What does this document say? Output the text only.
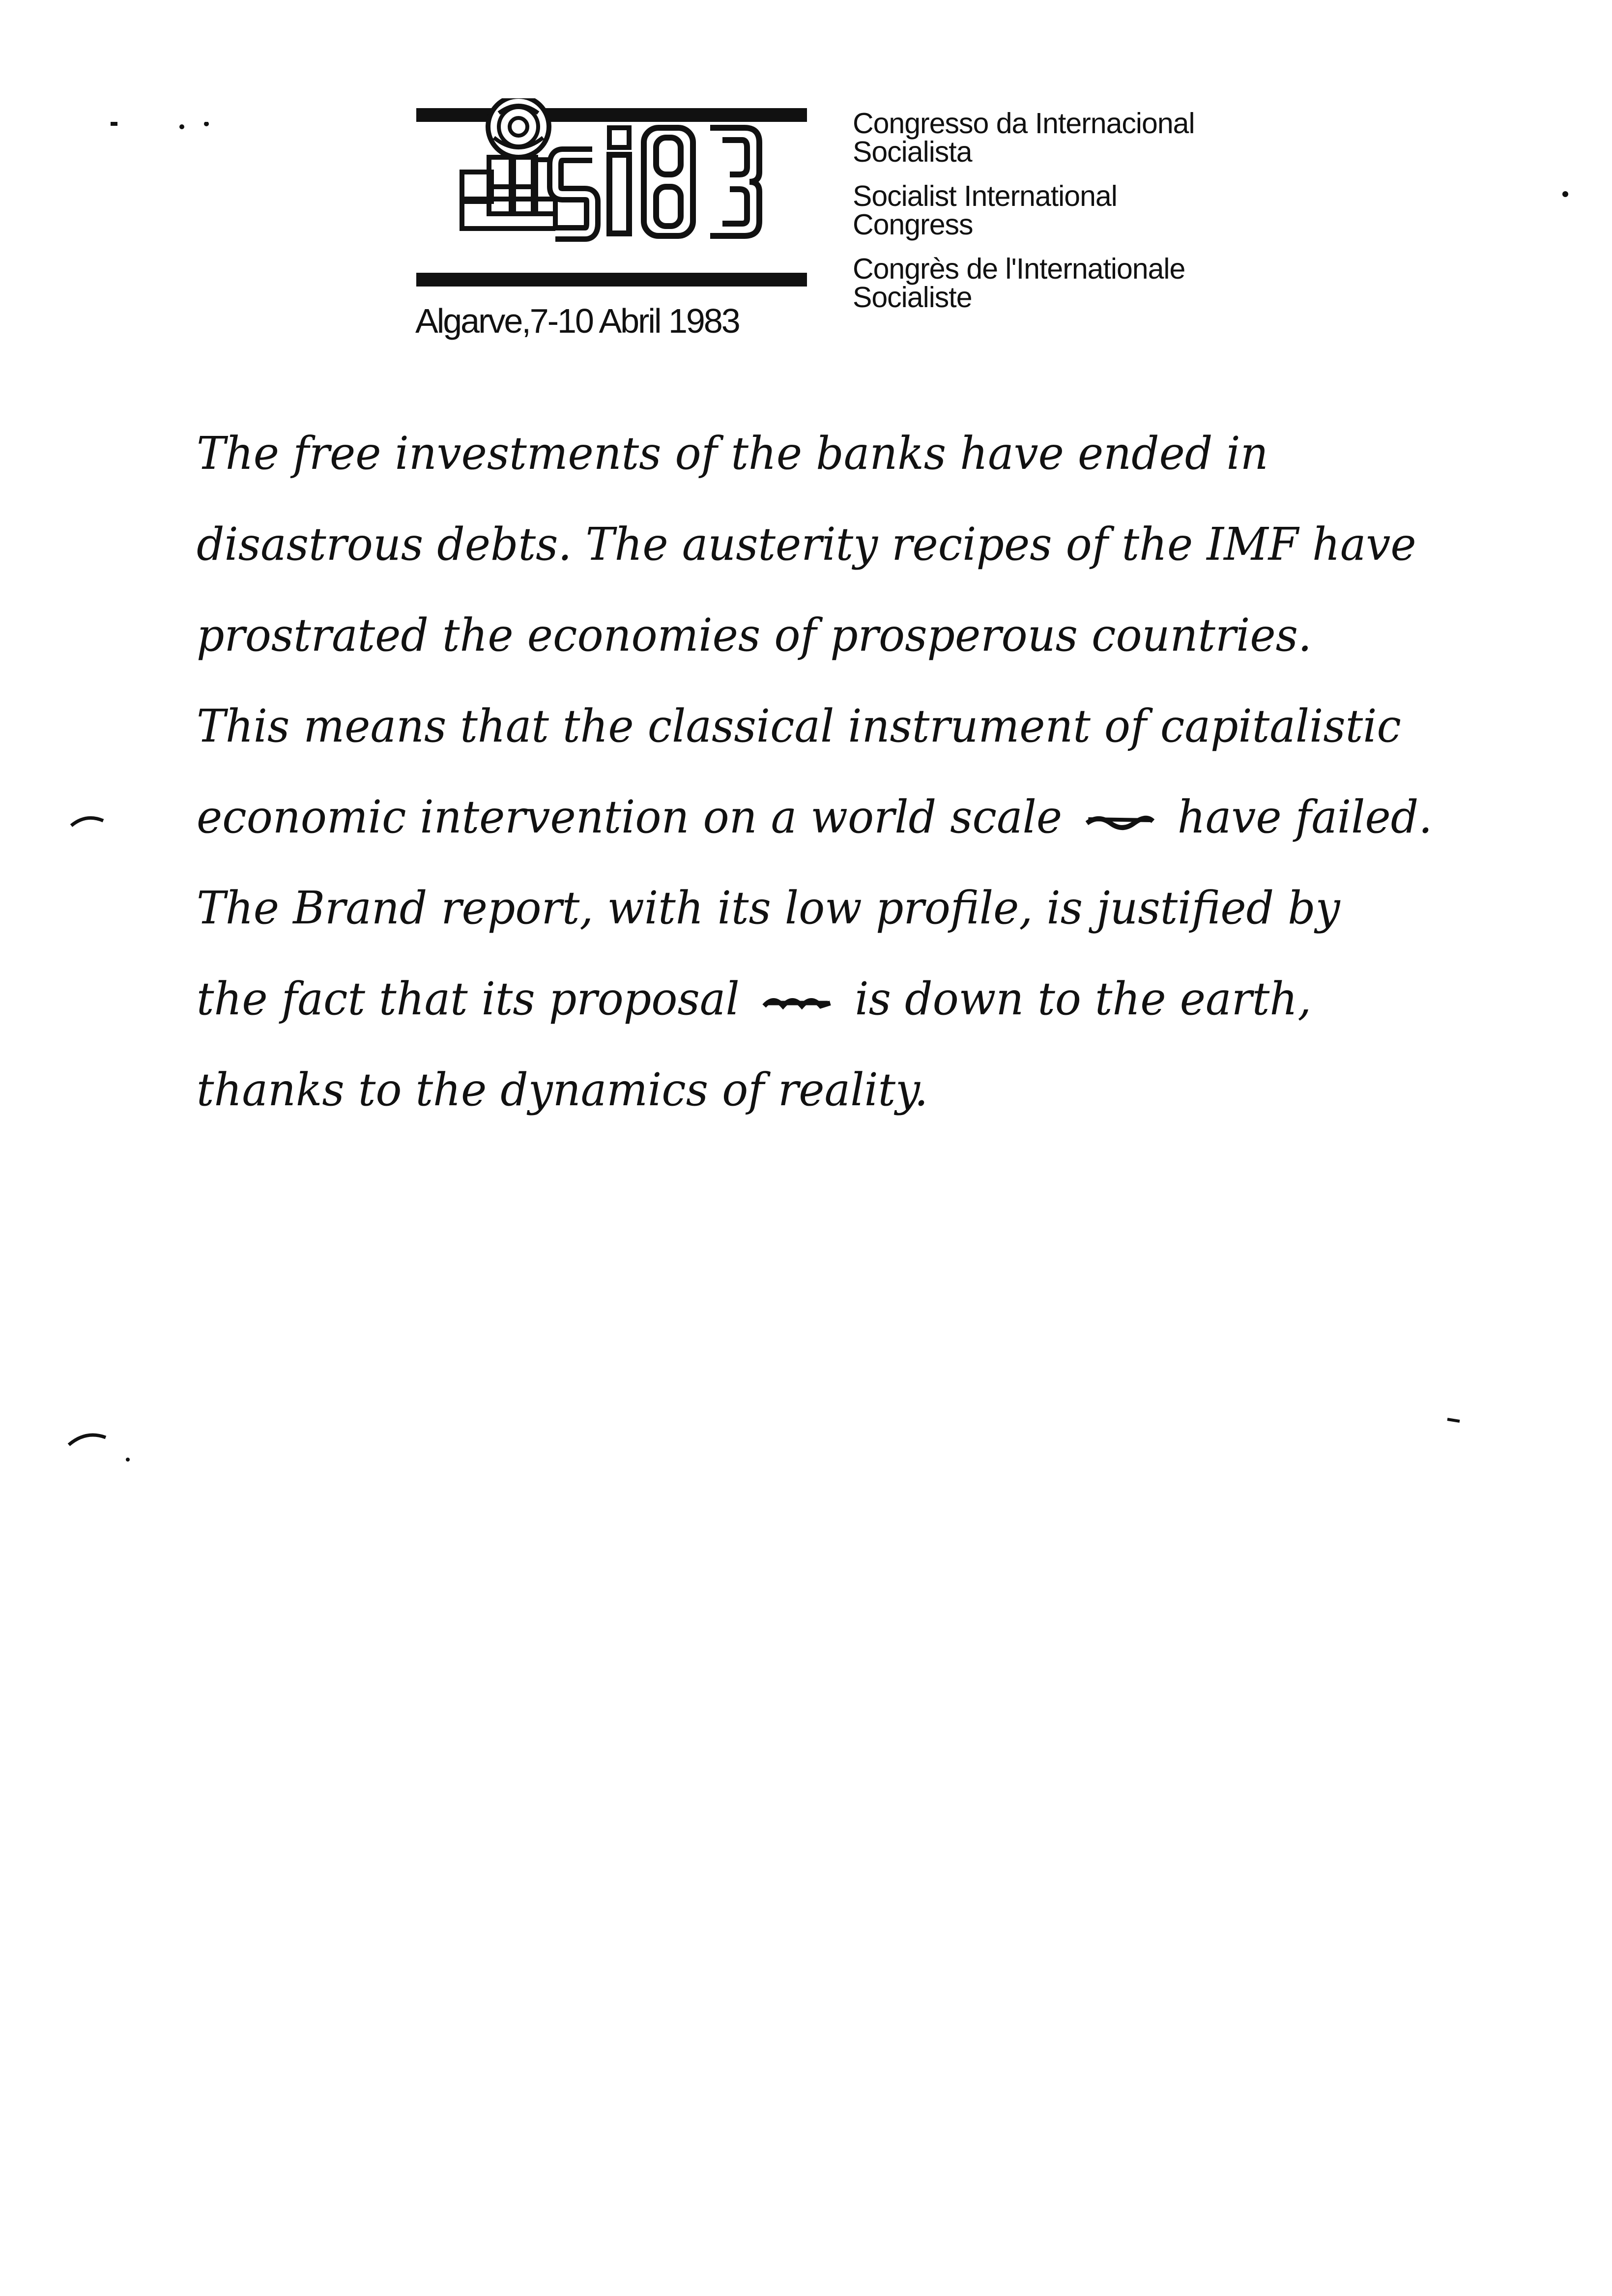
Algarve,7-10 Abril 1983
Congresso da Internacional
Socialista
Socialist International
Congress
Congrès de l'Internationale
Socialiste
The free investments of the banks have ended in
disastrous debts. The austerity recipes of the IMF have
prostrated the economies of prosperous countries.
This means that the classical instrument of capitalistic
economic intervention on a world scale	have failed.
The Brand report, with its low profile, is justified by
the fact that its proposal	is down to the earth,
thanks to the dynamics of reality.
